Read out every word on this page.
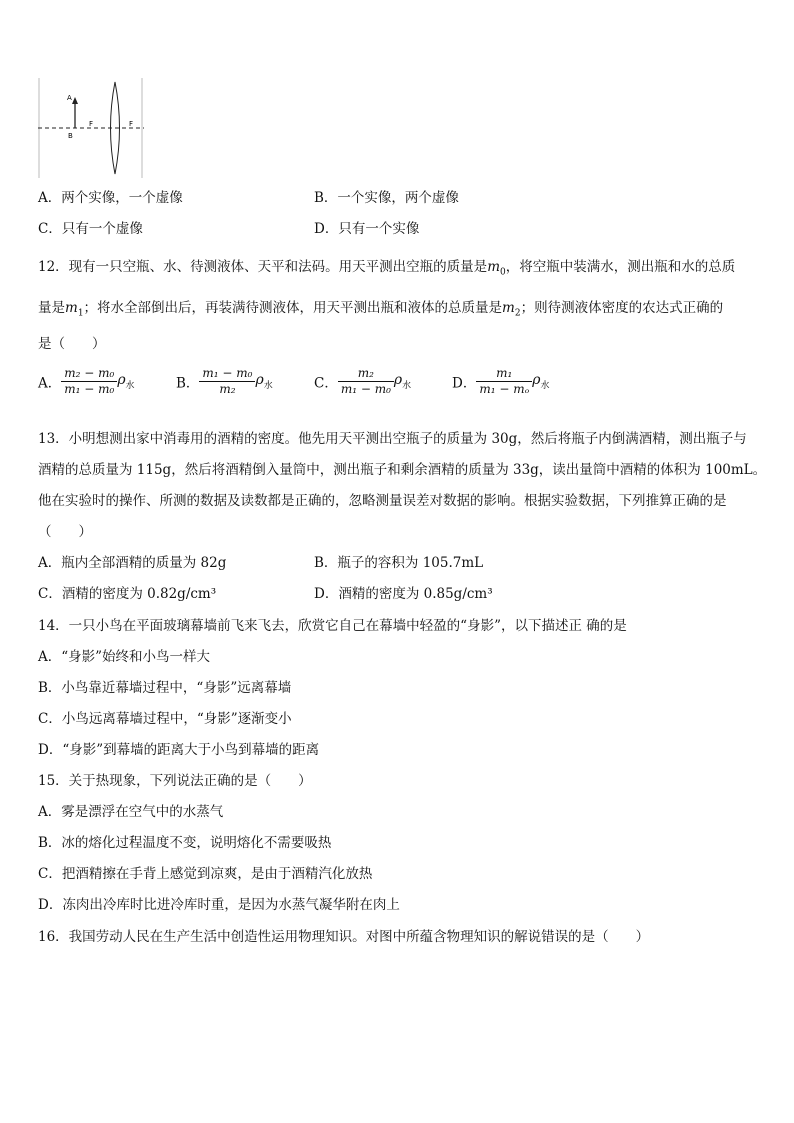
A
B
F	F
A．两个实像，一个虚像	B．一个实像，两个虚像
C．只有一个虚像	D．只有一个实像
12．现有一只空瓶、水、待测液体、天平和法码。用天平测出空瓶的质量是$m_0$，将空瓶中装满水，测出瓶和水的总质
量是$m_1$；将水全部倒出后，再装满待测液体，用天平测出瓶和液体的总质量是$m_2$；则待测液体密度的农达式正确的
是（　　）
A． $\frac{\text{m₂ − m₀}}{\text{m₁ − m₀}} \rho_水$	B． $\frac{\text{m₁ − m₀}}{\text{m₂}} \rho_水$	C． $\frac{\text{m₂}}{\text{m₁ − m₀}} \rho_水$	D． $\frac{\text{m₁}}{\text{m₁ − mₒ}} \rho_水$
13．小明想测出家中消毒用的酒精的密度。他先用天平测出空瓶子的质量为 30g，然后将瓶子内倒满酒精，测出瓶子与
酒精的总质量为 115g，然后将酒精倒入量筒中，测出瓶子和剩余酒精的质量为 33g，读出量筒中酒精的体积为 100mL。
他在实验时的操作、所测的数据及读数都是正确的，忽略测量误差对数据的影响。根据实验数据，下列推算正确的是
（　　）
A．瓶内全部酒精的质量为 82g	B．瓶子的容积为 105.7mL
C．酒精的密度为 0.82g/cm³	D．酒精的密度为 0.85g/cm³
14．一只小鸟在平面玻璃幕墙前飞来飞去，欣赏它自己在幕墙中轻盈的“身影”，以下描述正 确的是
A．“身影”始终和小鸟一样大
B．小鸟靠近幕墙过程中，“身影”远离幕墙
C．小鸟远离幕墙过程中，“身影”逐渐变小
D．“身影”到幕墙的距离大于小鸟到幕墙的距离
15．关于热现象，下列说法正确的是（　　）
A．雾是漂浮在空气中的水蒸气
B．冰的熔化过程温度不变，说明熔化不需要吸热
C．把酒精擦在手背上感觉到凉爽，是由于酒精汽化放热
D．冻肉出冷库时比进冷库时重，是因为水蒸气凝华附在肉上
16．我国劳动人民在生产生活中创造性运用物理知识。对图中所蕴含物理知识的解说错误的是（　　）
